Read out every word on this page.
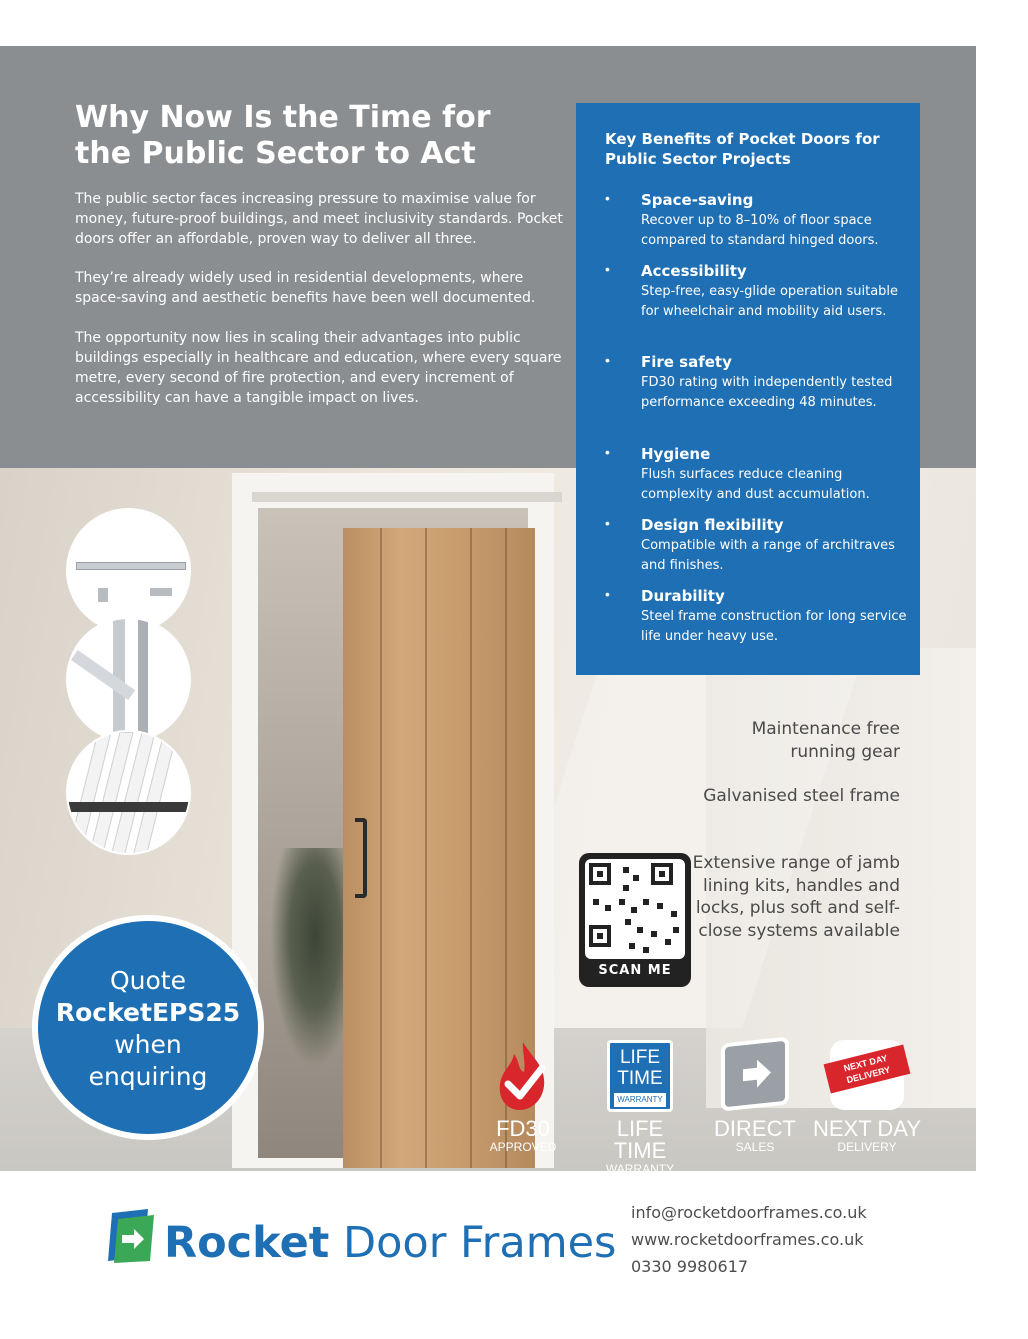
Why Now Is the Time for the Public Sector to Act

The public sector faces increasing pressure to maximise value for money, future-proof buildings, and meet inclusivity standards. Pocket doors offer an affordable, proven way to deliver all three.

They’re already widely used in residential developments, where space-saving and aesthetic benefits have been well documented.

The opportunity now lies in scaling their advantages into public buildings especially in healthcare and education, where every square metre, every second of fire protection, and every increment of accessibility can have a tangible impact on lives.

Key Benefits of Pocket Doors for Public Sector Projects
• Space-saving
Recover up to 8–10% of floor space compared to standard hinged doors.
• Accessibility
Step-free, easy-glide operation suitable for wheelchair and mobility aid users.
• Fire safety
FD30 rating with independently tested performance exceeding 48 minutes.
• Hygiene
Flush surfaces reduce cleaning complexity and dust accumulation.
• Design flexibility
Compatible with a range of architraves and finishes.
• Durability
Steel frame construction for long service life under heavy use.
Maintenance free running gear
Galvanised steel frame
Extensive range of jamb lining kits, handles and locks, plus soft and self-close systems available
Quote
RocketEPS25
when
enquiring
SCAN ME
FD30
APPROVED
LIFE
TIME
WARRANTY
LIFE TIME
WARRANTY
DIRECT
SALES
NEXT DAY DELIVERY
NEXT DAY
DELIVERY
Rocket Door Frames
info@rocketdoorframes.co.uk
www.rocketdoorframes.co.uk
0330 9980617
